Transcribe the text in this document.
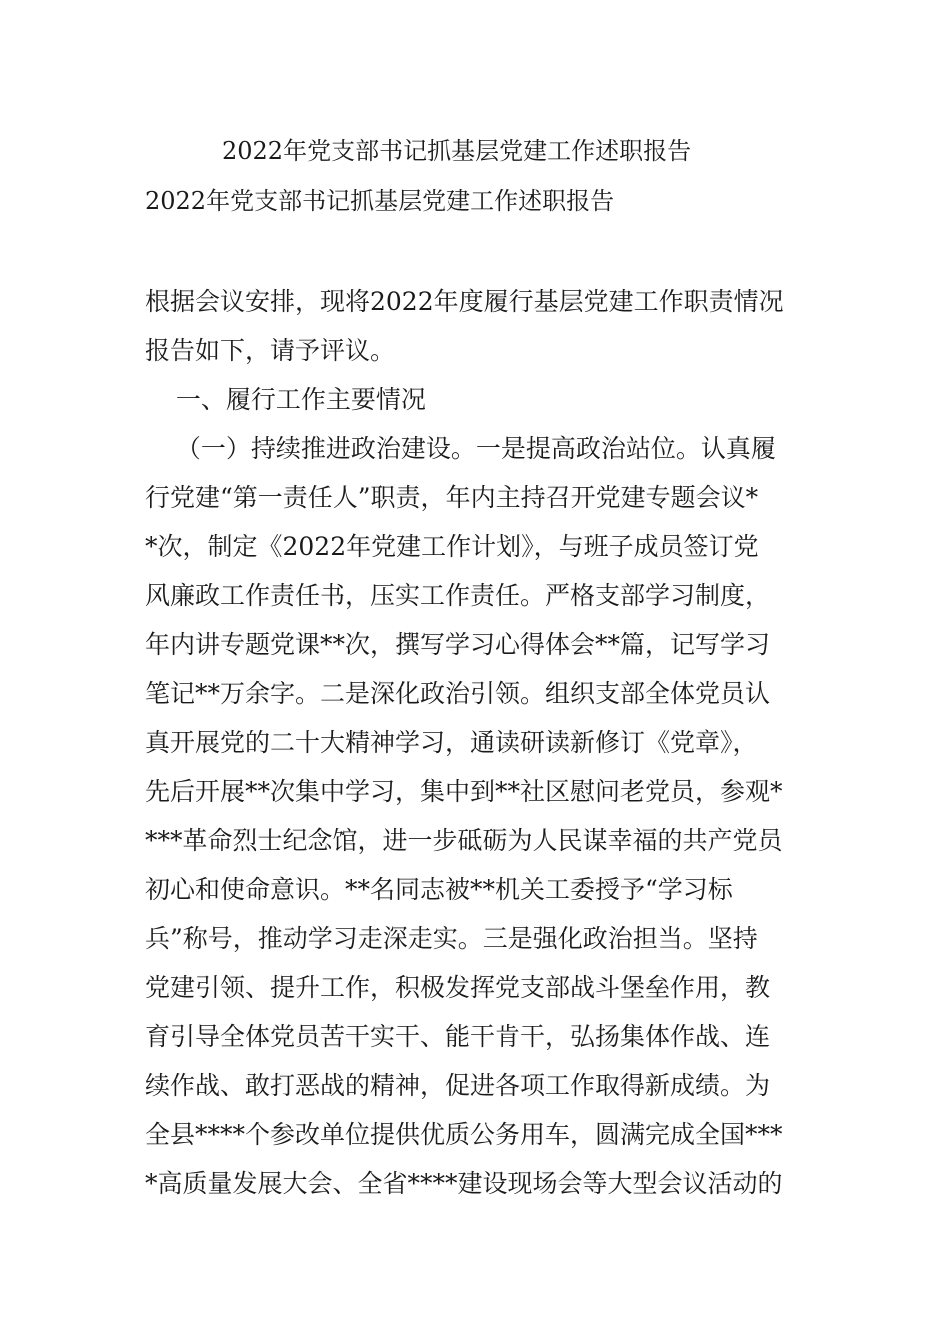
2022年党支部书记抓基层党建工作述职报告
2022年党支部书记抓基层党建工作述职报告
根据会议安排，现将2022年度履行基层党建工作职责情况
报告如下，请予评议。
一、履行工作主要情况
（一）持续推进政治建设。一是提高政治站位。认真履
行党建“第一责任人”职责，年内主持召开党建专题会议*
*次，制定《2022年党建工作计划》，与班子成员签订党
风廉政工作责任书，压实工作责任。严格支部学习制度，
年内讲专题党课**次，撰写学习心得体会**篇，记写学习
笔记**万余字。二是深化政治引领。组织支部全体党员认
真开展党的二十大精神学习，通读研读新修订《党章》，
先后开展**次集中学习，集中到**社区慰问老党员，参观*
***革命烈士纪念馆，进一步砥砺为人民谋幸福的共产党员
初心和使命意识。**名同志被**机关工委授予“学习标
兵”称号，推动学习走深走实。三是强化政治担当。坚持
党建引领、提升工作，积极发挥党支部战斗堡垒作用，教
育引导全体党员苦干实干、能干肯干，弘扬集体作战、连
续作战、敢打恶战的精神，促进各项工作取得新成绩。为
全县****个参改单位提供优质公务用车，圆满完成全国***
*高质量发展大会、全省****建设现场会等大型会议活动的
